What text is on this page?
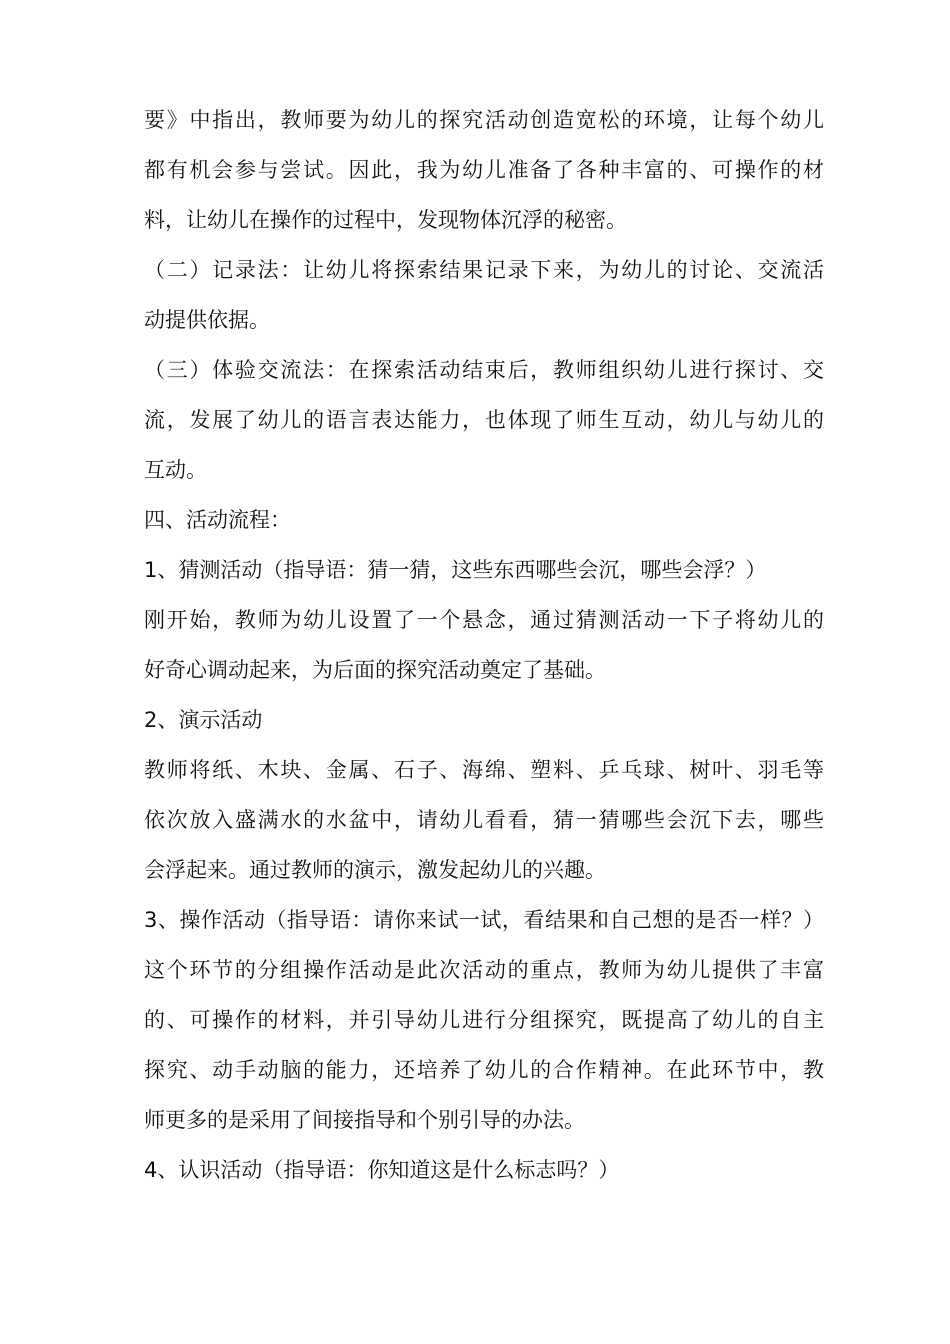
要》中指出，教师要为幼儿的探究活动创造宽松的环境，让每个幼儿
都有机会参与尝试。因此，我为幼儿准备了各种丰富的、可操作的材
料，让幼儿在操作的过程中，发现物体沉浮的秘密。
（二）记录法：让幼儿将探索结果记录下来，为幼儿的讨论、交流活
动提供依据。
（三）体验交流法：在探索活动结束后，教师组织幼儿进行探讨、交
流，发展了幼儿的语言表达能力，也体现了师生互动，幼儿与幼儿的
互动。
四、活动流程：
1、猜测活动（指导语：猜一猜，这些东西哪些会沉，哪些会浮？）
刚开始，教师为幼儿设置了一个悬念，通过猜测活动一下子将幼儿的
好奇心调动起来，为后面的探究活动奠定了基础。
2、演示活动
教师将纸、木块、金属、石子、海绵、塑料、乒乓球、树叶、羽毛等
依次放入盛满水的水盆中，请幼儿看看，猜一猜哪些会沉下去，哪些
会浮起来。通过教师的演示，激发起幼儿的兴趣。
3、操作活动（指导语：请你来试一试，看结果和自己想的是否一样？）
这个环节的分组操作活动是此次活动的重点，教师为幼儿提供了丰富
的、可操作的材料，并引导幼儿进行分组探究，既提高了幼儿的自主
探究、动手动脑的能力，还培养了幼儿的合作精神。在此环节中，教
师更多的是采用了间接指导和个别引导的办法。
4、认识活动（指导语：你知道这是什么标志吗？）
